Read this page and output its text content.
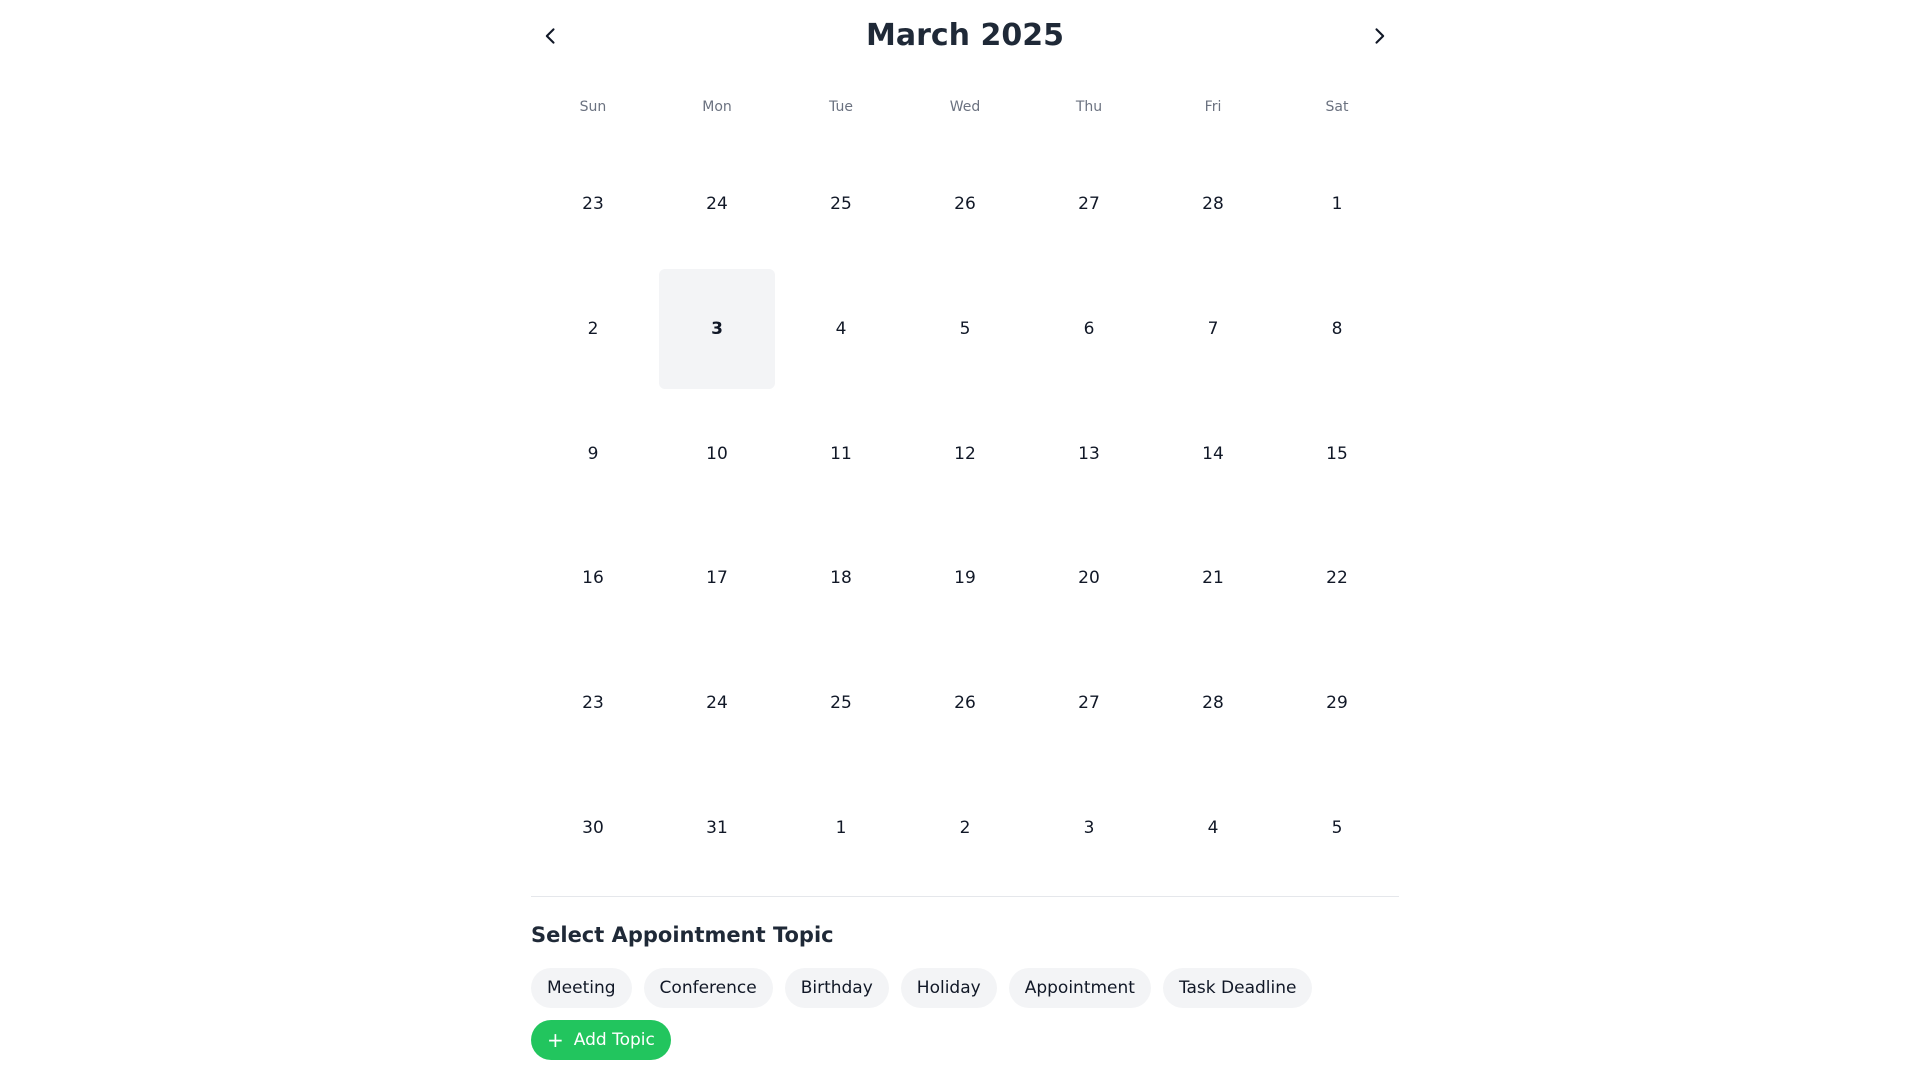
March 2025
Sun	Mon	Tue	Wed	Thu	Fri	Sat
23	24	25	26	27	28	1
2	3	4	5	6	7	8
9	10	11	12	13	14	15
16	17	18	19	20	21	22
23	24	25	26	27	28	29
30	31	1	2	3	4	5
Select Appointment Topic
Meeting	Conference	Birthday	Holiday	Appointment	Task Deadline
+ Add Topic
